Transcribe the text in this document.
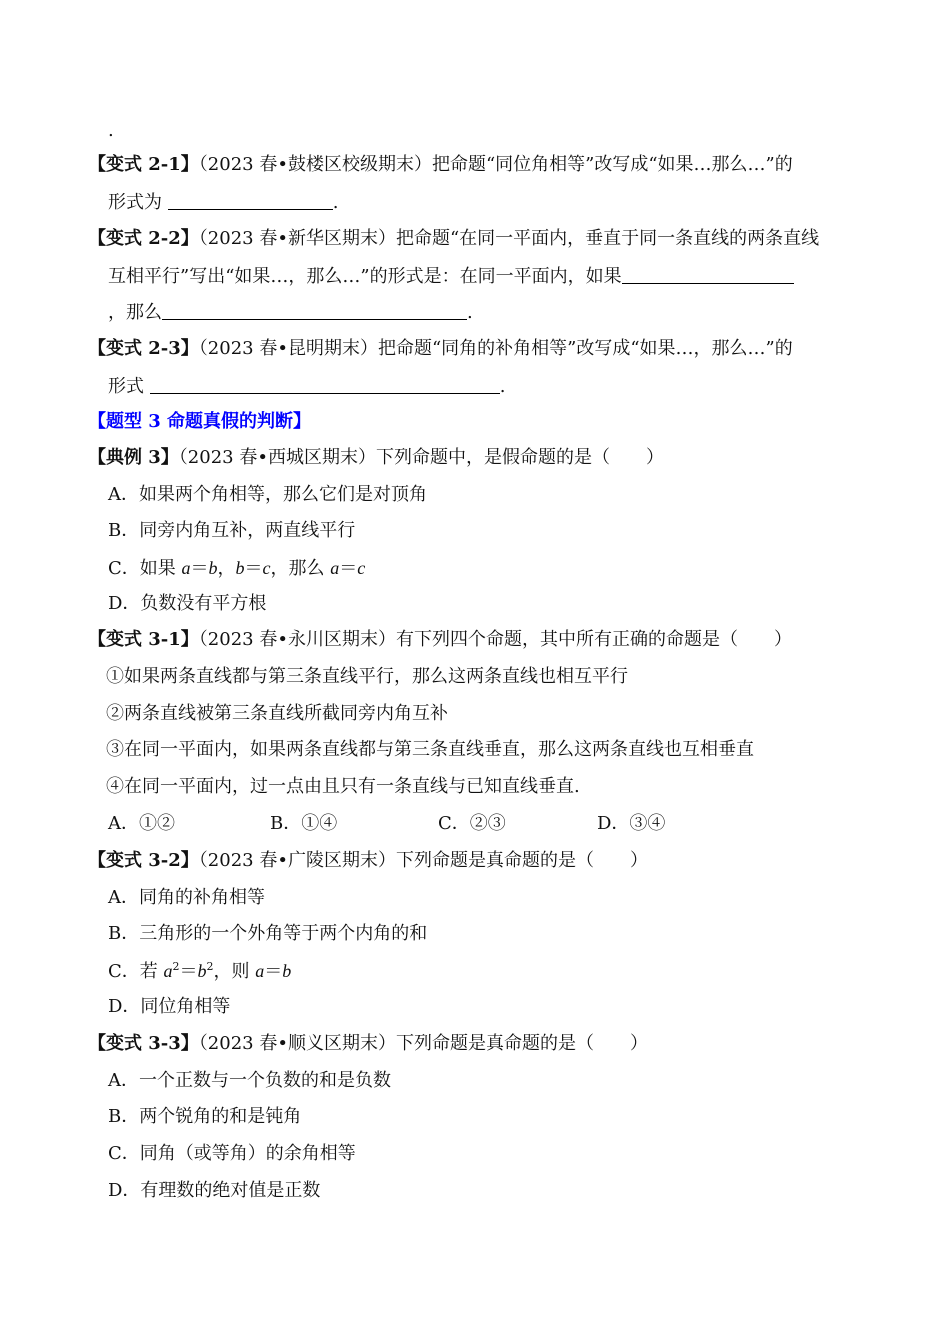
.
【变式 2-1】（2023 春•鼓楼区校级期末）把命题“同位角相等”改写成“如果…那么…”的
形式为	.
【变式 2-2】（2023 春•新华区期末）把命题“在同一平面内，垂直于同一条直线的两条直线
互相平行”写出“如果…，那么…”的形式是：在同一平面内，如果
，那么	.
【变式 2-3】（2023 春•昆明期末）把命题“同角的补角相等”改写成“如果…，那么…”的
形式	.
【题型 3 命题真假的判断】
【典例 3】（2023 春•西城区期末）下列命题中，是假命题的是（　　）
A．如果两个角相等，那么它们是对顶角
B．同旁内角互补，两直线平行
C．如果 a＝b，b＝c，那么 a＝c
D．负数没有平方根
【变式 3-1】（2023 春•永川区期末）有下列四个命题，其中所有正确的命题是（　　）
①如果两条直线都与第三条直线平行，那么这两条直线也相互平行
②两条直线被第三条直线所截同旁内角互补
③在同一平面内，如果两条直线都与第三条直线垂直，那么这两条直线也互相垂直
④在同一平面内，过一点由且只有一条直线与已知直线垂直.
A．①②	B．①④	C．②③	D．③④
【变式 3-2】（2023 春•广陵区期末）下列命题是真命题的是（　　）
A．同角的补角相等
B．三角形的一个外角等于两个内角的和
C．若 $a^2=b^2$，则 a＝b
D．同位角相等
【变式 3-3】（2023 春•顺义区期末）下列命题是真命题的是（　　）
A．一个正数与一个负数的和是负数
B．两个锐角的和是钝角
C．同角（或等角）的余角相等
D．有理数的绝对值是正数
